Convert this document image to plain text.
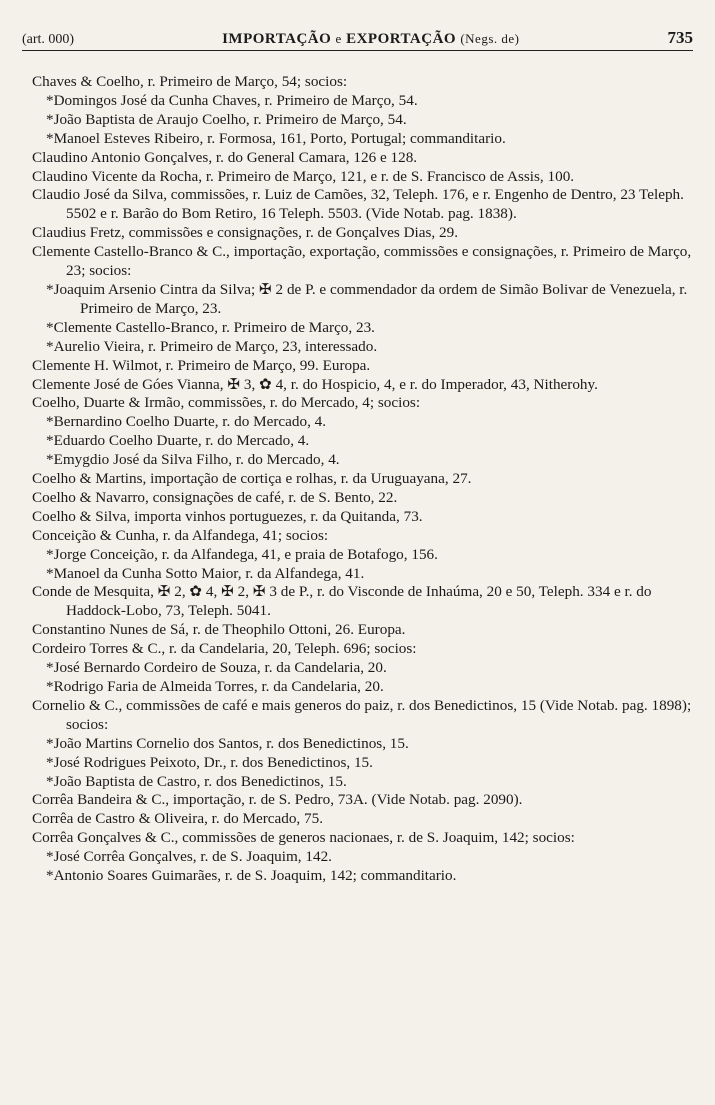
(art. 000)	IMPORTAÇÃO e EXPORTAÇÃO (Negs. de)	735

Chaves & Coelho, r. Primeiro de Março, 54; socios:

* Domingos José da Cunha Chaves, r. Primeiro de Março, 54.

* João Baptista de Araujo Coelho, r. Primeiro de Março, 54.

* Manoel Esteves Ribeiro, r. Formosa, 161, Porto, Portugal; commanditario.

Claudino Antonio Gonçalves, r. do General Camara, 126 e 128.

Claudino Vicente da Rocha, r. Primeiro de Março, 121, e r. de S. Francisco de Assis, 100.

Claudio José da Silva, commissões, r. Luiz de Camões, 32, Teleph. 176, e r. Engenho de Dentro, 23 Teleph. 5502 e r. Barão do Bom Retiro, 16 Teleph. 5503. (Vide Notab. pag. 1838).

Claudius Fretz, commissões e consignações, r. de Gonçalves Dias, 29.

Clemente Castello-Branco & C., importação, exportação, commissões e consignações, r. Primeiro de Março, 23; socios:

* Joaquim Arsenio Cintra da Silva; ✠ 2 de P. e commendador da ordem de Simão Bolivar de Venezuela, r. Primeiro de Março, 23.

* Clemente Castello-Branco, r. Primeiro de Março, 23.

* Aurelio Vieira, r. Primeiro de Março, 23, interessado.

Clemente H. Wilmot, r. Primeiro de Março, 99. Europa.

Clemente José de Góes Vianna, ✠ 3, ✿ 4, r. do Hospicio, 4, e r. do Imperador, 43, Nitherohy.

Coelho, Duarte & Irmão, commissões, r. do Mercado, 4; socios:

* Bernardino Coelho Duarte, r. do Mercado, 4.

* Eduardo Coelho Duarte, r. do Mercado, 4.

* Emygdio José da Silva Filho, r. do Mercado, 4.

Coelho & Martins, importação de cortiça e rolhas, r. da Uruguayana, 27.

Coelho & Navarro, consignações de café, r. de S. Bento, 22.

Coelho & Silva, importa vinhos portuguezes, r. da Quitanda, 73.

Conceição & Cunha, r. da Alfandega, 41; socios:

* Jorge Conceição, r. da Alfandega, 41, e praia de Botafogo, 156.

* Manoel da Cunha Sotto Maior, r. da Alfandega, 41.

Conde de Mesquita, ✠ 2, ✿ 4, ✠ 2, ✠ 3 de P., r. do Visconde de Inhaúma, 20 e 50, Teleph. 334 e r. do Haddock-Lobo, 73, Teleph. 5041.

Constantino Nunes de Sá, r. de Theophilo Ottoni, 26. Europa.

Cordeiro Torres & C., r. da Candelaria, 20, Teleph. 696; socios:

* José Bernardo Cordeiro de Souza, r. da Candelaria, 20.

* Rodrigo Faria de Almeida Torres, r. da Candelaria, 20.

Cornelio & C., commissões de café e mais generos do paiz, r. dos Benedictinos, 15 (Vide Notab. pag. 1898); socios:

* João Martins Cornelio dos Santos, r. dos Benedictinos, 15.

* José Rodrigues Peixoto, Dr., r. dos Benedictinos, 15.

* João Baptista de Castro, r. dos Benedictinos, 15.

Corrêa Bandeira & C., importação, r. de S. Pedro, 73A. (Vide Notab. pag. 2090).

Corrêa de Castro & Oliveira, r. do Mercado, 75.

Corrêa Gonçalves & C., commissões de generos nacionaes, r. de S. Joaquim, 142; socios:

* José Corrêa Gonçalves, r. de S. Joaquim, 142.

* Antonio Soares Guimarães, r. de S. Joaquim, 142; commanditario.
